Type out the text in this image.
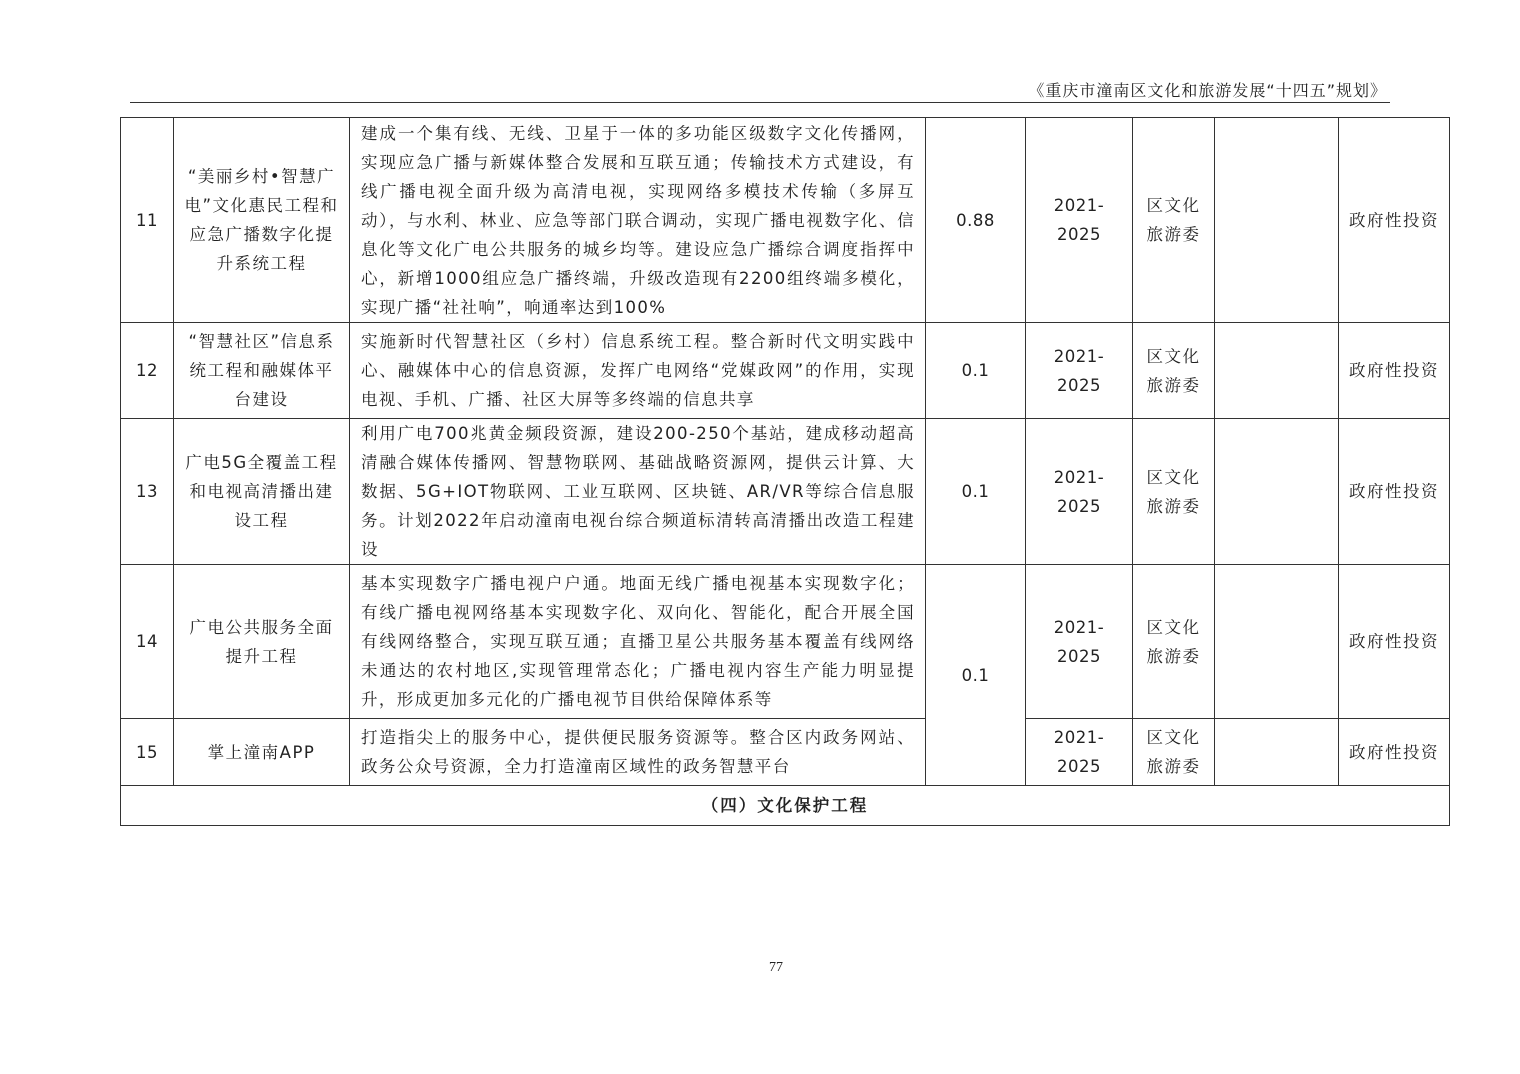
《重庆市潼南区文化和旅游发展“十四五”规划》
11	“美丽乡村•智慧广电”文化惠民工程和应急广播数字化提升系统工程	建成一个集有线、无线、卫星于一体的多功能区级数字文化传播网，实现应急广播与新媒体整合发展和互联互通；传输技术方式建设，有线广播电视全面升级为高清电视，实现网络多模技术传输（多屏互动），与水利、林业、应急等部门联合调动，实现广播电视数字化、信息化等文化广电公共服务的城乡均等。建设应急广播综合调度指挥中心，新增1000组应急广播终端，升级改造现有2200组终端多模化，实现广播“社社响”，响通率达到100%	0.88	2021-2025	区文化旅游委		政府性投资
12	“智慧社区”信息系统工程和融媒体平台建设	实施新时代智慧社区（乡村）信息系统工程。整合新时代文明实践中心、融媒体中心的信息资源，发挥广电网络“党媒政网”的作用，实现电视、手机、广播、社区大屏等多终端的信息共享	0.1	2021-2025	区文化旅游委		政府性投资
13	广电5G全覆盖工程和电视高清播出建设工程	利用广电700兆黄金频段资源，建设200-250个基站，建成移动超高清融合媒体传播网、智慧物联网、基础战略资源网，提供云计算、大数据、5G+IOT物联网、工业互联网、区块链、AR/VR等综合信息服务。计划2022年启动潼南电视台综合频道标清转高清播出改造工程建设	0.1	2021-2025	区文化旅游委		政府性投资
14	广电公共服务全面提升工程	基本实现数字广播电视户户通。地面无线广播电视基本实现数字化；有线广播电视网络基本实现数字化、双向化、智能化，配合开展全国有线网络整合，实现互联互通；直播卫星公共服务基本覆盖有线网络未通达的农村地区,实现管理常态化；广播电视内容生产能力明显提升，形成更加多元化的广播电视节目供给保障体系等	0.1	2021-2025	区文化旅游委		政府性投资
15	掌上潼南APP	打造指尖上的服务中心，提供便民服务资源等。整合区内政务网站、政务公众号资源，全力打造潼南区域性的政务智慧平台		2021-2025	区文化旅游委		政府性投资
（四）文化保护工程							
77
